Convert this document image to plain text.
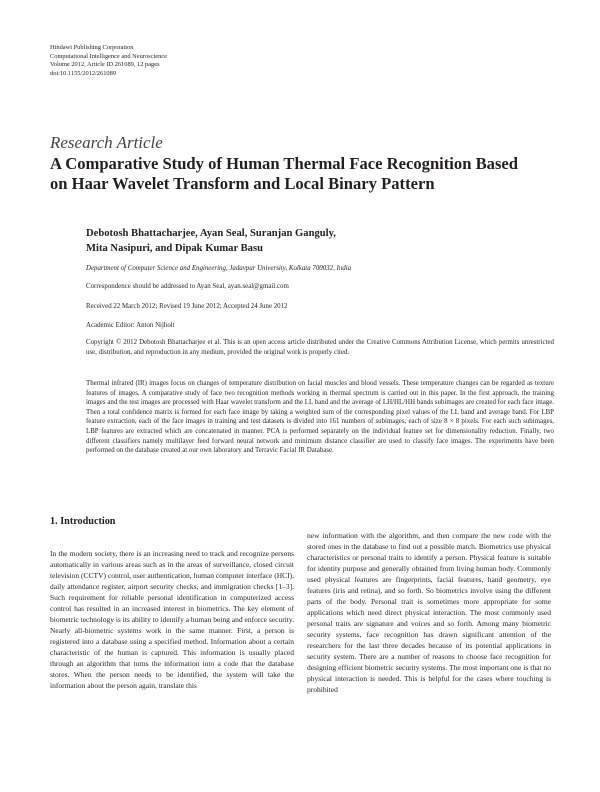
Hindawi Publishing Corporation
Computational Intelligence and Neuroscience
Volume 2012, Article ID 261089, 12 pages
doi:10.1155/2012/261089
Research Article
A Comparative Study of Human Thermal Face Recognition Based
on Haar Wavelet Transform and Local Binary Pattern
Debotosh Bhattacharjee, Ayan Seal, Suranjan Ganguly,
Mita Nasipuri, and Dipak Kumar Basu
Department of Computer Science and Engineering, Jadavpur University, Kolkata 700032, India
Correspondence should be addressed to Ayan Seal, ayan.seal@gmail.com
Received 22 March 2012; Revised 19 June 2012; Accepted 24 June 2012
Academic Editor: Anton Nijholt
Copyright © 2012 Debotosh Bhattacharjee et al. This is an open access article distributed under the Creative Commons Attribution License, which permits unrestricted use, distribution, and reproduction in any medium, provided the original work is properly cited.
Thermal infrared (IR) images focus on changes of temperature distribution on facial muscles and blood vessels. These temperature changes can be regarded as texture features of images. A comparative study of face two recognition methods working in thermal spectrum is carried out in this paper. In the first approach, the training images and the test images are processed with Haar wavelet transform and the LL band and the average of LH/HL/HH bands subimages are created for each face image. Then a total confidence matrix is formed for each face image by taking a weighted sum of the corresponding pixel values of the LL band and average band. For LBP feature extraction, each of the face images in training and test datasets is divided into 161 numbers of subimages, each of size 8 × 8 pixels. For each such subimages, LBP features are extracted which are concatenated in manner. PCA is performed separately on the individual feature set for dimensionality reduction. Finally, two different classifiers namely multilayer feed forward neural network and minimum distance classifier are used to classify face images. The experiments have been performed on the database created at our own laboratory and Terravic Facial IR Database.
1. Introduction
In the modern society, there is an increasing need to track and recognize persons automatically in various areas such as in the areas of surveillance, closed circuit television (CCTV) control, user authentication, human computer interface (HCI), daily attendance register, airport security checks, and immigration checks [1–3]. Such requirement for reliable personal identification in computerized access control has resulted in an increased interest in biometrics. The key element of biometric technology is its ability to identify a human being and enforce security. Nearly all-biometric systems work in the same manner. First, a person is registered into a database using a specified method. Information about a certain characteristic of the human is captured. This information is usually placed through an algorithm that turns the information into a code that the database stores. When the person needs to be identified, the system will take the information about the person again, translate this
new information with the algorithm, and then compare the new code with the stored ones in the database to find out a possible match. Biometrics use physical characteristics or personal traits to identify a person. Physical feature is suitable for identity purpose and generally obtained from living human body. Commonly used physical features are fingerprints, facial features, hand geometry, eye features (iris and retina), and so forth. So biometrics involve using the different parts of the body. Personal trait is sometimes more appropriate for some applications which need direct physical interaction. The most commonly used personal traits are signature and voices and so forth. Among many biometric security systems, face recognition has drawn significant attention of the researchers for the last three decades because of its potential applications in security system. There are a number of reasons to choose face recognition for designing efficient biometric security systems. The most important one is that no physical interaction is needed. This is helpful for the cases where touching is prohibited
